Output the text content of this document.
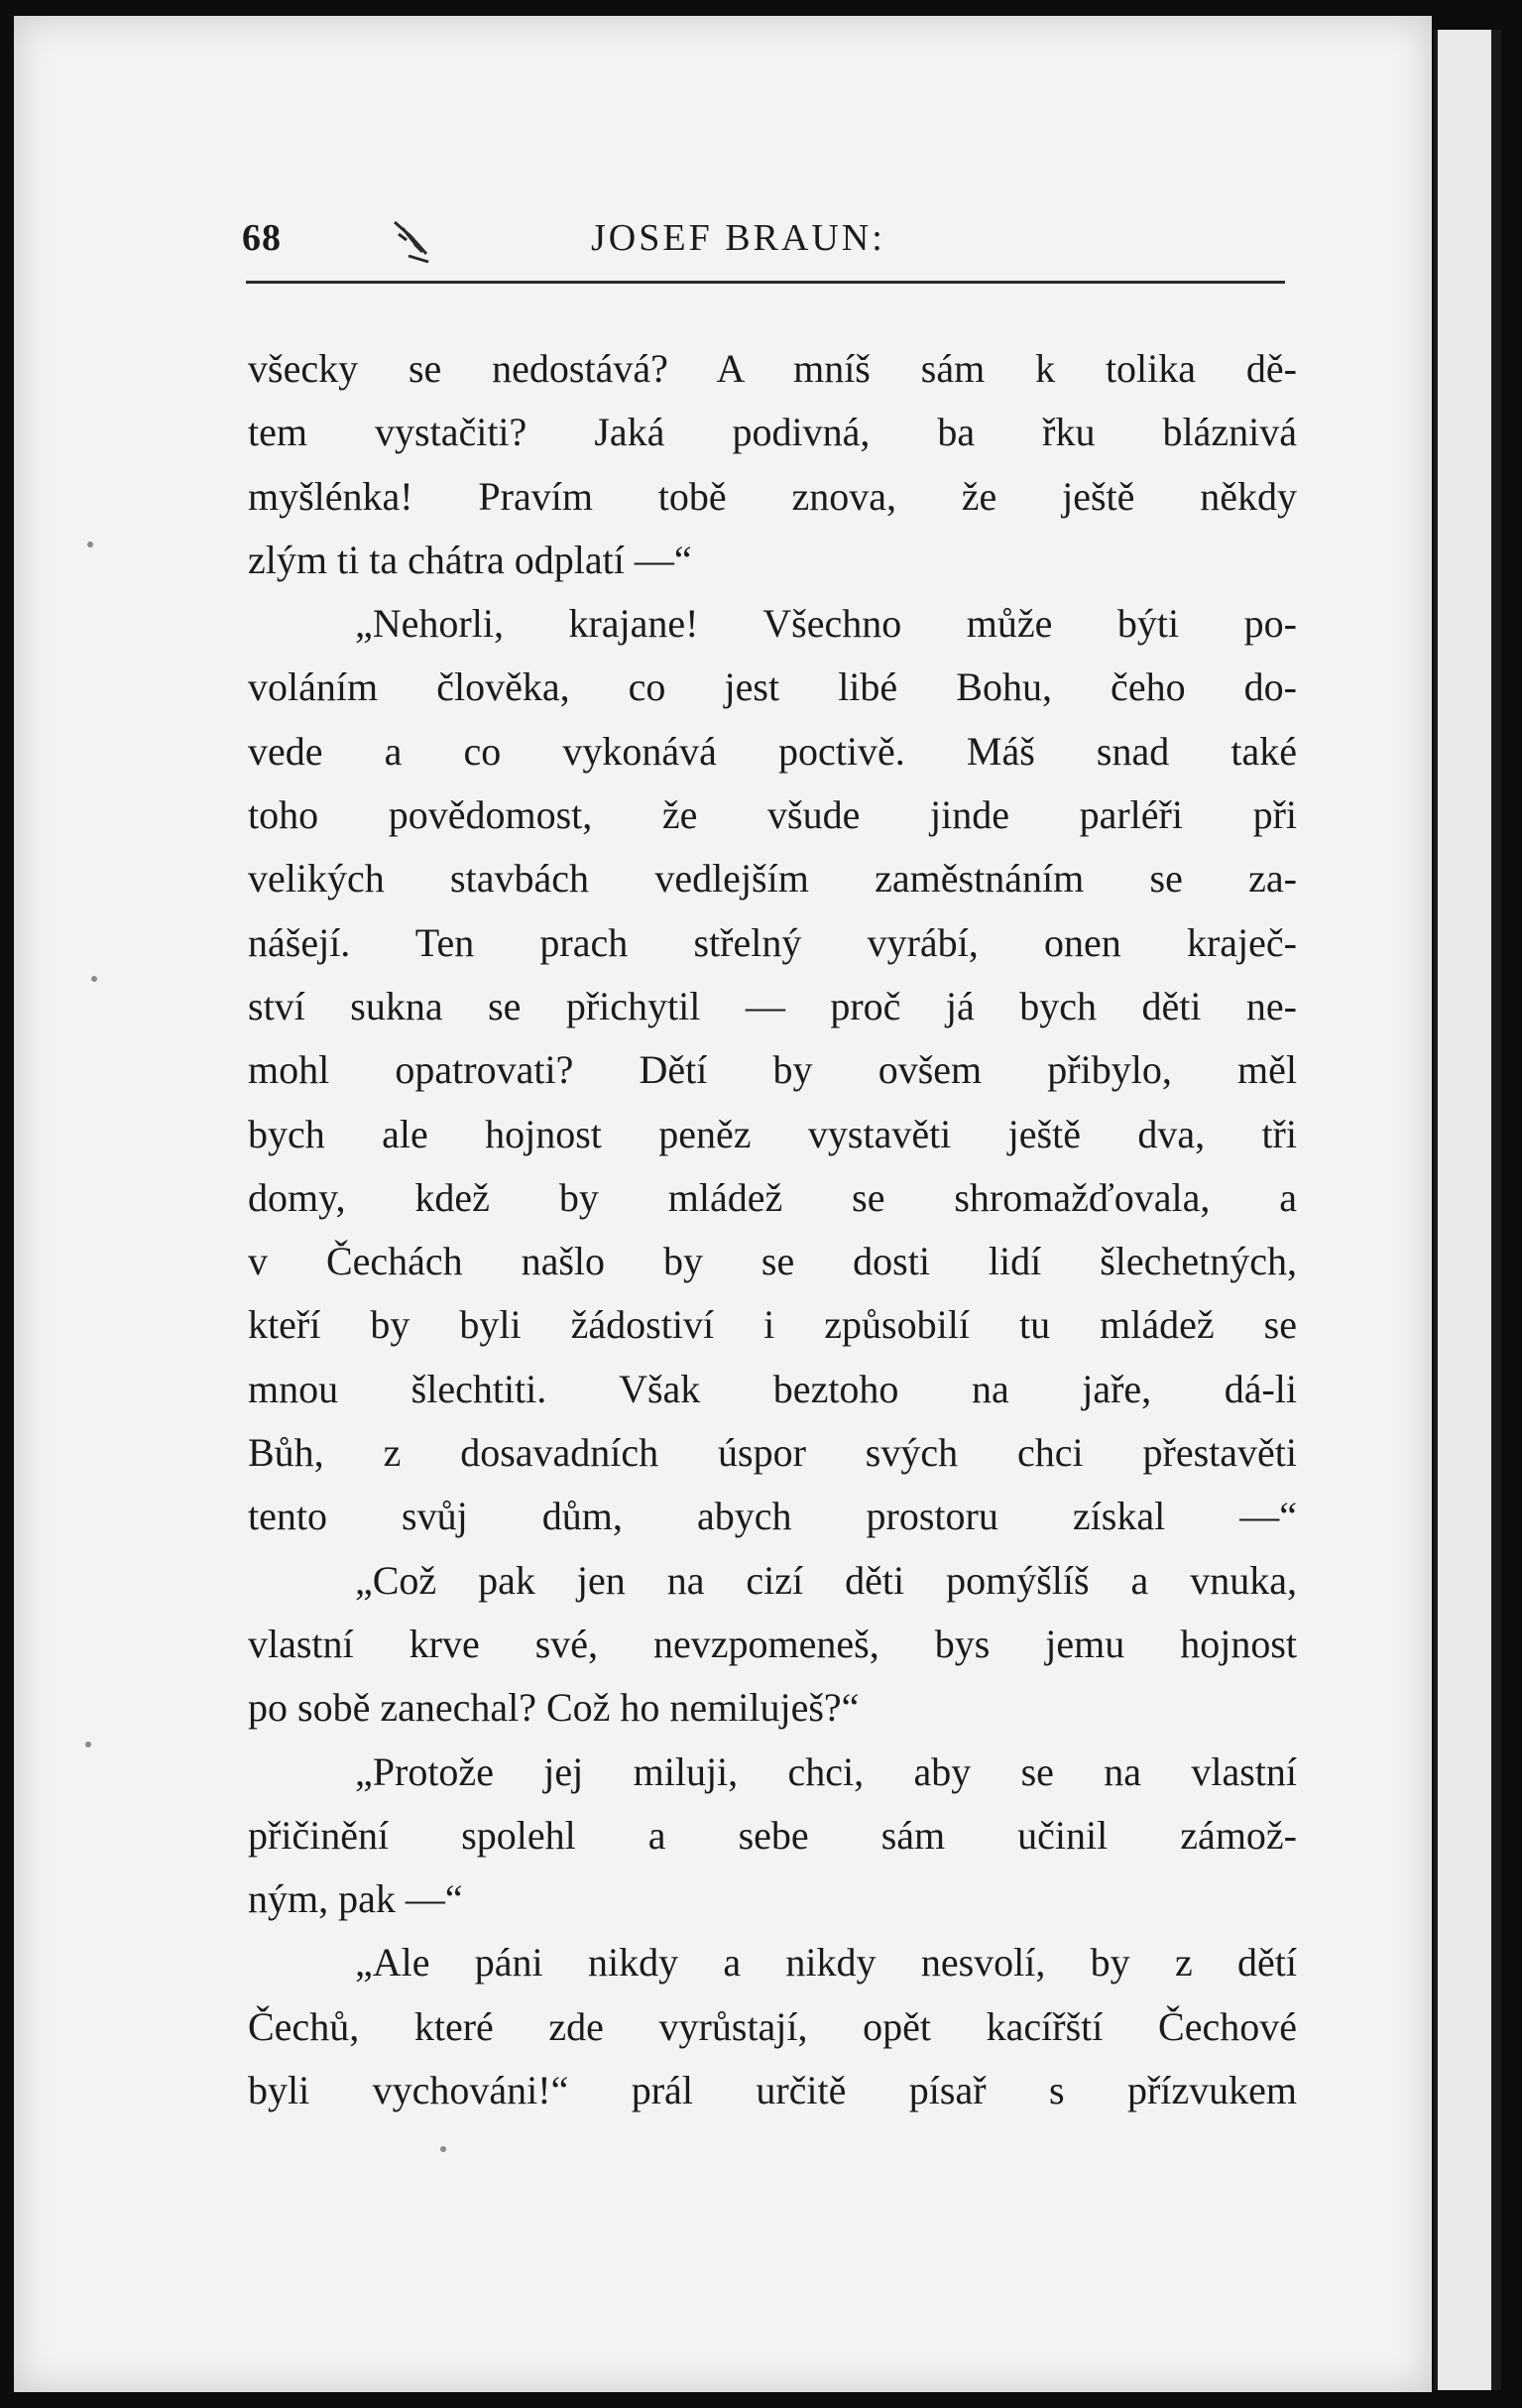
68	JOSEF BRAUN:
všecky se nedostává? A mníš sám k tolika dě-
tem vystačiti? Jaká podivná, ba řku bláznivá
myšlénka! Pravím tobě znova, že ještě někdy
zlým ti ta chátra odplatí —“
„Nehorli, krajane! Všechno může býti po-
voláním člověka, co jest libé Bohu, čeho do-
vede a co vykonává poctivě. Máš snad také
toho povědomost, že všude jinde parléři při
velikých stavbách vedlejším zaměstnáním se za-
nášejí. Ten prach střelný vyrábí, onen kraječ-
ství sukna se přichytil — proč já bych děti ne-
mohl opatrovati? Dětí by ovšem přibylo, měl
bych ale hojnost peněz vystavěti ještě dva, tři
domy, kdež by mládež se shromažďovala, a
v Čechách našlo by se dosti lidí šlechetných,
kteří by byli žádostiví i způsobilí tu mládež se
mnou šlechtiti. Však beztoho na jaře, dá-li
Bůh, z dosavadních úspor svých chci přestavěti
tento svůj dům, abych prostoru získal —“
„Což pak jen na cizí děti pomýšlíš a vnuka,
vlastní krve své, nevzpomeneš, bys jemu hojnost
po sobě zanechal? Což ho nemiluješ?“
„Protože jej miluji, chci, aby se na vlastní
přičinění spolehl a sebe sám učinil zámož-
ným, pak —“
„Ale páni nikdy a nikdy nesvolí, by z dětí
Čechů, které zde vyrůstají, opět kacířští Čechové
byli vychováni!“ prál určitě písař s přízvukem
